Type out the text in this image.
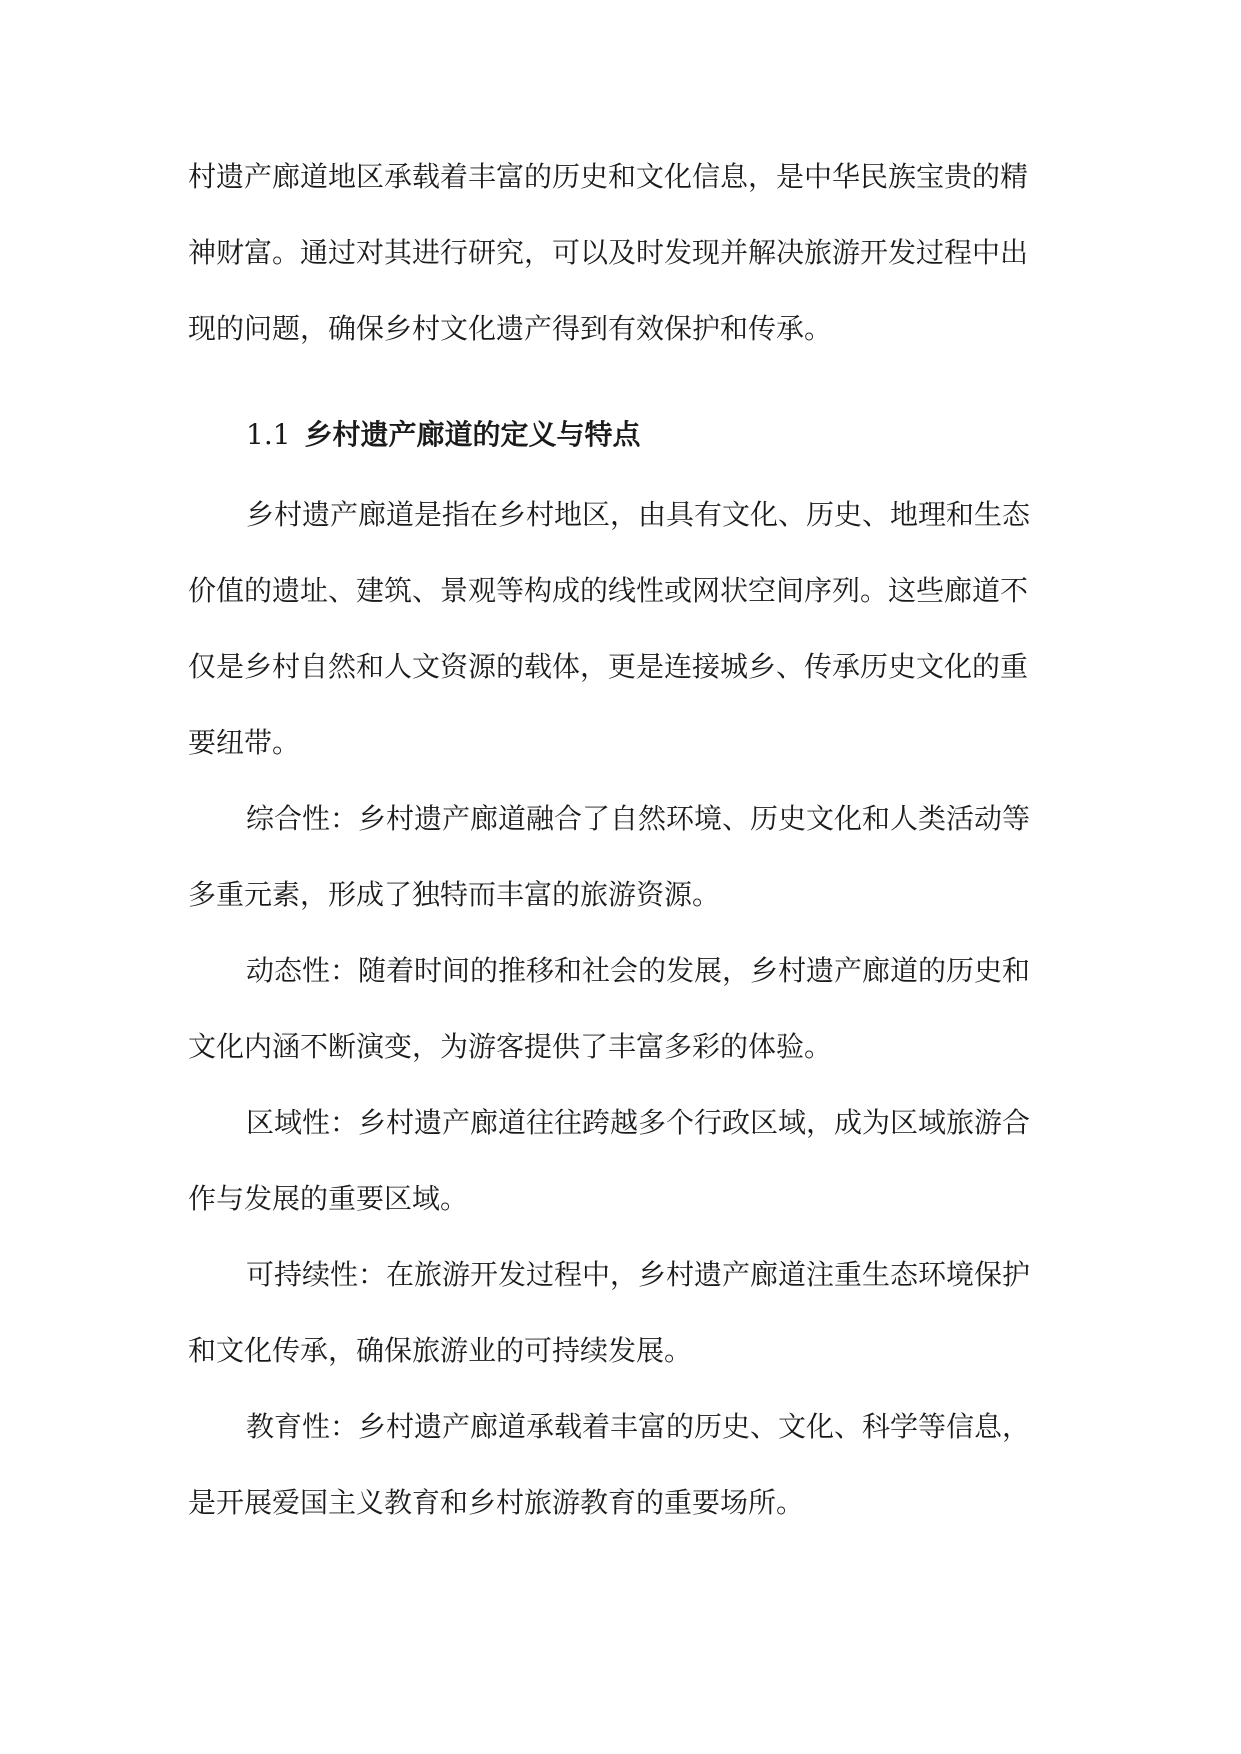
村遗产廊道地区承载着丰富的历史和文化信息，是中华民族宝贵的精
神财富。通过对其进行研究，可以及时发现并解决旅游开发过程中出
现的问题，确保乡村文化遗产得到有效保护和传承。
1.1 乡村遗产廊道的定义与特点
乡村遗产廊道是指在乡村地区，由具有文化、历史、地理和生态
价值的遗址、建筑、景观等构成的线性或网状空间序列。这些廊道不
仅是乡村自然和人文资源的载体，更是连接城乡、传承历史文化的重
要纽带。
综合性：乡村遗产廊道融合了自然环境、历史文化和人类活动等
多重元素，形成了独特而丰富的旅游资源。
动态性：随着时间的推移和社会的发展，乡村遗产廊道的历史和
文化内涵不断演变，为游客提供了丰富多彩的体验。
区域性：乡村遗产廊道往往跨越多个行政区域，成为区域旅游合
作与发展的重要区域。
可持续性：在旅游开发过程中，乡村遗产廊道注重生态环境保护
和文化传承，确保旅游业的可持续发展。
教育性：乡村遗产廊道承载着丰富的历史、文化、科学等信息，
是开展爱国主义教育和乡村旅游教育的重要场所。
